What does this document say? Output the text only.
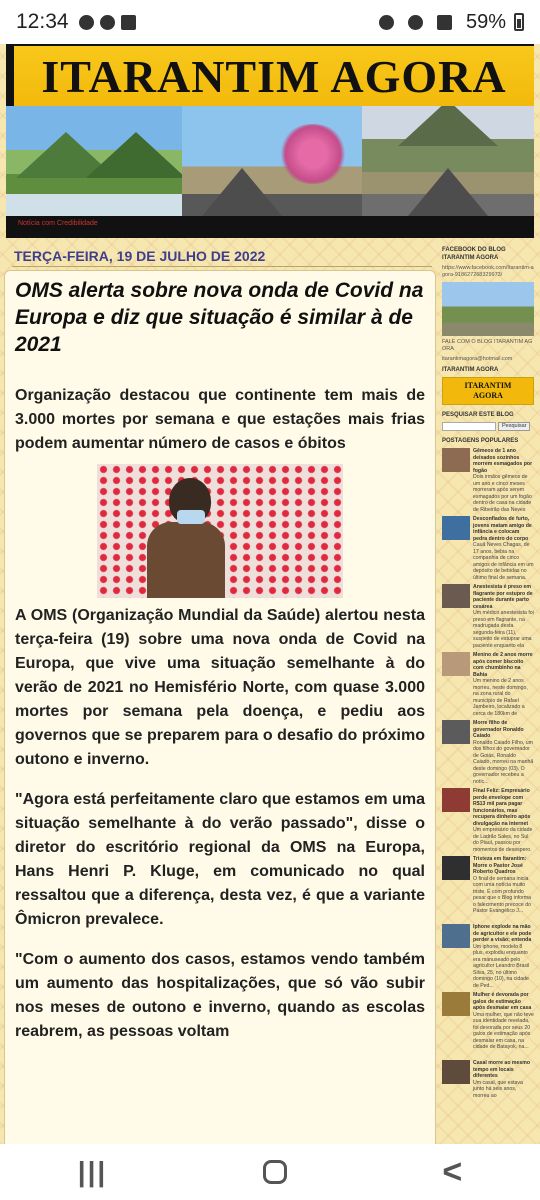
12:34	59%
ITARANTIM AGORA
Notícia com Credibilidade
TERÇA-FEIRA, 19 DE JULHO DE 2022
OMS alerta sobre nova onda de Covid na Europa e diz que situação é similar à de 2021

Organização destacou que continente tem mais de 3.000 mortes por semana e que estações mais frias podem aumentar número de casos e óbitos

A OMS (Organização Mundial da Saúde) alertou nesta terça-feira (19) sobre uma nova onda de Covid na Europa, que vive uma situação semelhante à do verão de 2021 no Hemisfério Norte, com quase 3.000 mortes por semana pela doença, e pediu aos governos que se preparem para o desafio do próximo outono e inverno.

"Agora está perfeitamente claro que estamos em uma situação semelhante à do verão passado", disse o diretor do escritório regional da OMS na Europa, Hans Henri P. Kluge, em comunicado no qual ressaltou que a diferença, desta vez, é que a variante Ômicron prevalece.

"Com o aumento dos casos, estamos vendo também um aumento das hospitalizações, que só vão subir nos meses de outono e inverno, quando as escolas reabrem, as pessoas voltam

FACEBOOK DO BLOG ITARANTIM AGORA
https://www.facebook.com/Itarantim-agora-918627268329973/
FALE COM O BLOG ITARANTIM AGORA
itarantimagora@hotmail.com
ITARANTIM AGORA
ITARANTIM
AGORA
PESQUISAR ESTE BLOG
Pesquisar
POSTAGENS POPULARES
Gêmeos de 1 ano deixados sozinhos morrem esmagados por fogão
Dois irmãos gêmeos de um ano e cinco meses morreram após serem esmagados por um fogão dentro de casa na cidade de Ribeirão das Neves
Desconfiados de furto, jovens matam amigo de infância e colocam pedra dentro do corpo
Cauã Neves Chagas, de 17 anos, bebia na companhia de cinco amigos de infância em um depósito de bebidas no último final de semana.
Anestesista é preso em flagrante por estupro de paciente durante parto cesárea
Um médico anestesista foi preso em flagrante, na madrugada desta segunda-feira (11), suspeito de estuprar uma paciente enquanto ela
Menino de 2 anos morre após comer biscoito com chumbinho na Bahia
Um menino de 2 anos morreu, neste domingo, na zona rural do município de Rafael Jambeiro, localizado a cerca de 180km de
Morre filho de governador Ronaldo Caiado
Ronaldo Caiado Filho, um dos filhos do governador de Goiás, Ronaldo Caiado, morreu na manhã deste domingo (03). O governador recebeu a notíc...
Final Feliz: Empresário perde envelope com R$13 mil para pagar funcionários, mas recupera dinheiro após divulgação na internet
Um empresário da cidade de Ladrão Sales, no Sul do Piauí, passou por momentos de desespero.
Tristeza em Itarantim: Morre o Pastor José Roberto Quadros
O final de semana inicia com uma notícia muito triste. É com profundo pesar que o Blog informa o falecimento precoce do Pastor Evangélico J...
Iphone explode na mão de agricultor e ele pode perder a visão; entenda
Um iphone, modelo 8 plus, explodiu enquanto era manuseado pelo agricultor Leandro Brasil Silva, 25, no último domingo (10), na cidade de Ped...
Mulher é devorada por galos de estimação após desmaiar em casa
Uma mulher, que não teve sua identidade revelada, foi devorada por seus 20 galos de estimação após desmaiar em casa, na cidade de Batayok, na...
Casal morre ao mesmo tempo em locais diferentes
Um casal, que estava junto há seis anos, morreu ao
|||	<
